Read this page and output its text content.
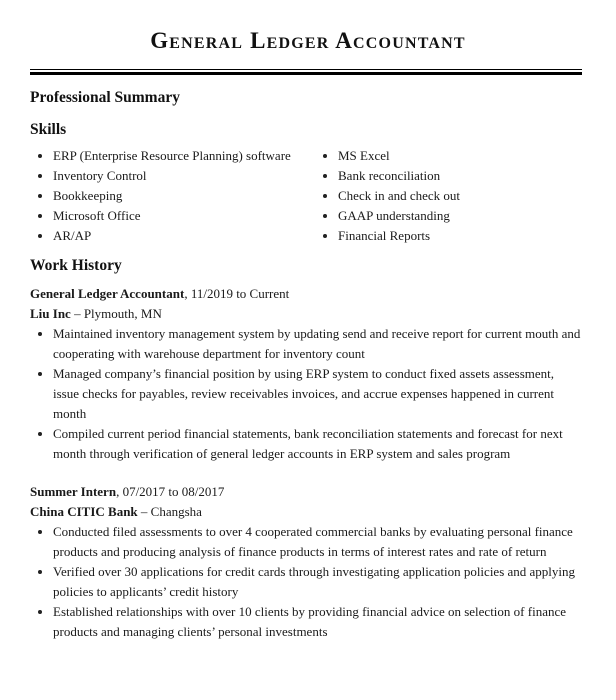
General Ledger Accountant
Professional Summary
Skills
ERP (Enterprise Resource Planning) software
Inventory Control
Bookkeeping
Microsoft Office
AR/AP
MS Excel
Bank reconciliation
Check in and check out
GAAP understanding
Financial Reports
Work History
General Ledger Accountant, 11/2019 to Current
Liu Inc – Plymouth, MN
Maintained inventory management system by updating send and receive report for current mouth and cooperating with warehouse department for inventory count
Managed company’s financial position by using ERP system to conduct fixed assets assessment, issue checks for payables, review receivables invoices, and accrue expenses happened in current month
Compiled current period financial statements, bank reconciliation statements and forecast for next month through verification of general ledger accounts in ERP system and sales program
Summer Intern, 07/2017 to 08/2017
China CITIC Bank – Changsha
Conducted filed assessments to over 4 cooperated commercial banks by evaluating personal finance products and producing analysis of finance products in terms of interest rates and rate of return
Verified over 30 applications for credit cards through investigating application policies and applying policies to applicants’ credit history
Established relationships with over 10 clients by providing financial advice on selection of finance products and managing clients’ personal investments
